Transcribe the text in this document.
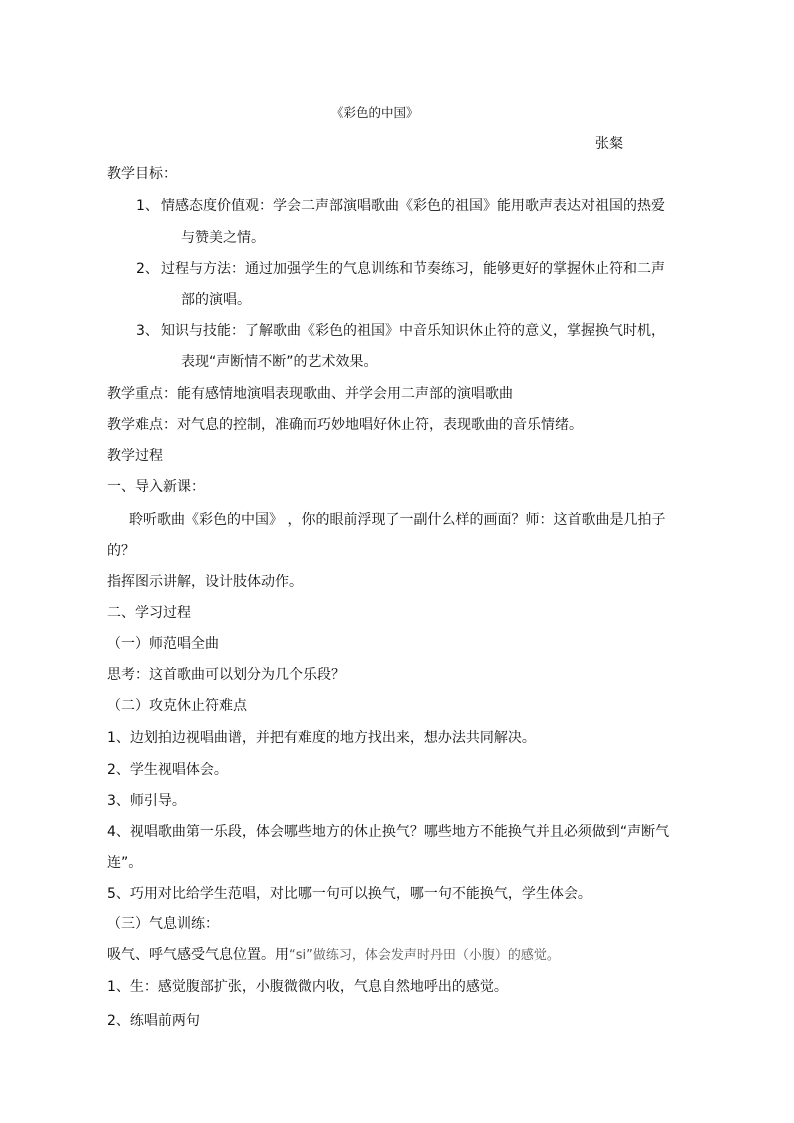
《彩色的中国》
张粲
教学目标：
1、 情感态度价值观：学会二声部演唱歌曲《彩色的祖国》能用歌声表达对祖国的热爱
与赞美之情。
2、 过程与方法：通过加强学生的气息训练和节奏练习，能够更好的掌握休止符和二声
部的演唱。
3、 知识与技能：了解歌曲《彩色的祖国》中音乐知识休止符的意义，掌握换气时机，
表现“声断情不断”的艺术效果。
教学重点：能有感情地演唱表现歌曲、并学会用二声部的演唱歌曲
教学难点：对气息的控制，准确而巧妙地唱好休止符，表现歌曲的音乐情绪。
教学过程
一、导入新课：
聆听歌曲《彩色的中国》 ，你的眼前浮现了一副什么样的画面？师：这首歌曲是几拍子
的？
指挥图示讲解，设计肢体动作。
二、学习过程
（一）师范唱全曲
思考：这首歌曲可以划分为几个乐段？
（二）攻克休止符难点
1、边划拍边视唱曲谱，并把有难度的地方找出来，想办法共同解决。
2、学生视唱体会。
3、师引导。
4、视唱歌曲第一乐段，体会哪些地方的休止换气？哪些地方不能换气并且必须做到“声断气
连”。
5、巧用对比给学生范唱，对比哪一句可以换气，哪一句不能换气，学生体会。
（三）气息训练：
吸气、呼气感受气息位置。用“si”做练习，体会发声时丹田（小腹）的感觉。
1、生：感觉腹部扩张，小腹微微内收，气息自然地呼出的感觉。
2、练唱前两句
